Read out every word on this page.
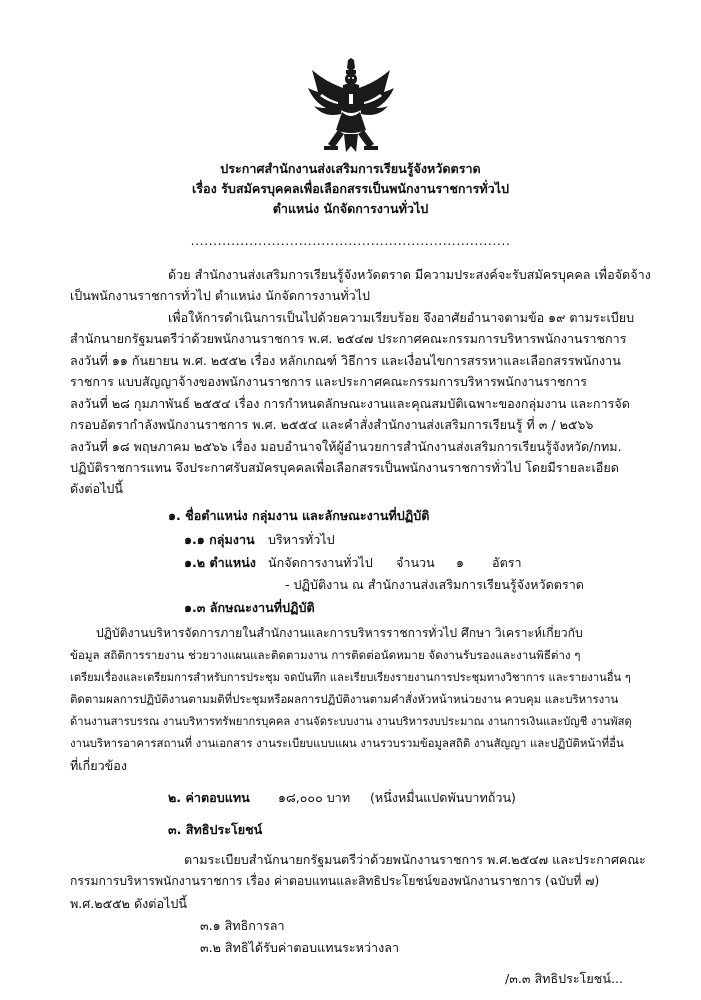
ประกาศสำนักงานส่งเสริมการเรียนรู้จังหวัดตราด
เรื่อง รับสมัครบุคคลเพื่อเลือกสรรเป็นพนักงานราชการทั่วไป
ตำแหน่ง นักจัดการงานทั่วไป
.......................................................................
ด้วย สำนักงานส่งเสริมการเรียนรู้จังหวัดตราด มีความประสงค์จะรับสมัครบุคคล เพื่อจัดจ้าง
เป็นพนักงานราชการทั่วไป ตำแหน่ง นักจัดการงานทั่วไป
เพื่อให้การดำเนินการเป็นไปด้วยความเรียบร้อย จึงอาศัยอำนาจตามข้อ ๑๙ ตามระเบียบ
สำนักนายกรัฐมนตรีว่าด้วยพนักงานราชการ พ.ศ. ๒๕๔๗ ประกาศคณะกรรมการบริหารพนักงานราชการ
ลงวันที่ ๑๑ กันยายน พ.ศ. ๒๕๕๒ เรื่อง หลักเกณฑ์ วิธีการ และเงื่อนไขการสรรหาและเลือกสรรพนักงาน
ราชการ แบบสัญญาจ้างของพนักงานราชการ และประกาศคณะกรรมการบริหารพนักงานราชการ
ลงวันที่ ๒๘ กุมภาพันธ์ ๒๕๕๔ เรื่อง การกำหนดลักษณะงานและคุณสมบัติเฉพาะของกลุ่มงาน และการจัด
กรอบอัตรากำลังพนักงานราชการ พ.ศ. ๒๕๕๔ และคำสั่งสำนักงานส่งเสริมการเรียนรู้ ที่ ๓ / ๒๕๖๖
ลงวันที่ ๑๘ พฤษภาคม ๒๕๖๖ เรื่อง มอบอำนาจให้ผู้อำนวยการสำนักงานส่งเสริมการเรียนรู้จังหวัด/กทม.
ปฏิบัติราชการแทน จึงประกาศรับสมัครบุคคลเพื่อเลือกสรรเป็นพนักงานราชการทั่วไป โดยมีรายละเอียด
ดังต่อไปนี้
๑. ชื่อตำแหน่ง กลุ่มงาน และลักษณะงานที่ปฏิบัติ
๑.๑ กลุ่มงาน บริหารทั่วไป
๑.๒ ตำแหน่ง นักจัดการงานทั่วไป จำนวน ๑ อัตรา
- ปฏิบัติงาน ณ สำนักงานส่งเสริมการเรียนรู้จังหวัดตราด
๑.๓ ลักษณะงานที่ปฏิบัติ
ปฏิบัติงานบริหารจัดการภายในสำนักงานและการบริหารราชการทั่วไป ศึกษา วิเคราะห์เกี่ยวกับ
ข้อมูล สถิติการรายงาน ช่วยวางแผนและติดตามงาน การติดต่อนัดหมาย จัดงานรับรองและงานพิธีต่าง ๆ
เตรียมเรื่องและเตรียมการสำหรับการประชุม จดบันทึก และเรียบเรียงรายงานการประชุมทางวิชาการ และรายงานอื่น ๆ
ติดตามผลการปฏิบัติงานตามมติที่ประชุมหรือผลการปฏิบัติงานตามคำสั่งหัวหน้าหน่วยงาน ควบคุม และบริหารงาน
ด้านงานสารบรรณ งานบริหารทรัพยากรบุคคล งานจัดระบบงาน งานบริหารงบประมาณ งานการเงินและบัญชี งานพัสดุ
งานบริหารอาคารสถานที่ งานเอกสาร งานระเบียบแบบแผน งานรวบรวมข้อมูลสถิติ งานสัญญา และปฏิบัติหน้าที่อื่น
ที่เกี่ยวข้อง
๒. ค่าตอบแทน ๑๘,๐๐๐ บาท (หนึ่งหมื่นแปดพันบาทถ้วน)
๓. สิทธิประโยชน์
ตามระเบียบสำนักนายกรัฐมนตรีว่าด้วยพนักงานราชการ พ.ศ.๒๕๔๗ และประกาศคณะ
กรรมการบริหารพนักงานราชการ เรื่อง ค่าตอบแทนและสิทธิประโยชน์ของพนักงานราชการ (ฉบับที่ ๗)
พ.ศ.๒๕๕๒ ดังต่อไปนี้
๓.๑ สิทธิการลา
๓.๒ สิทธิได้รับค่าตอบแทนระหว่างลา
/๓.๓ สิทธิประโยชน์...
